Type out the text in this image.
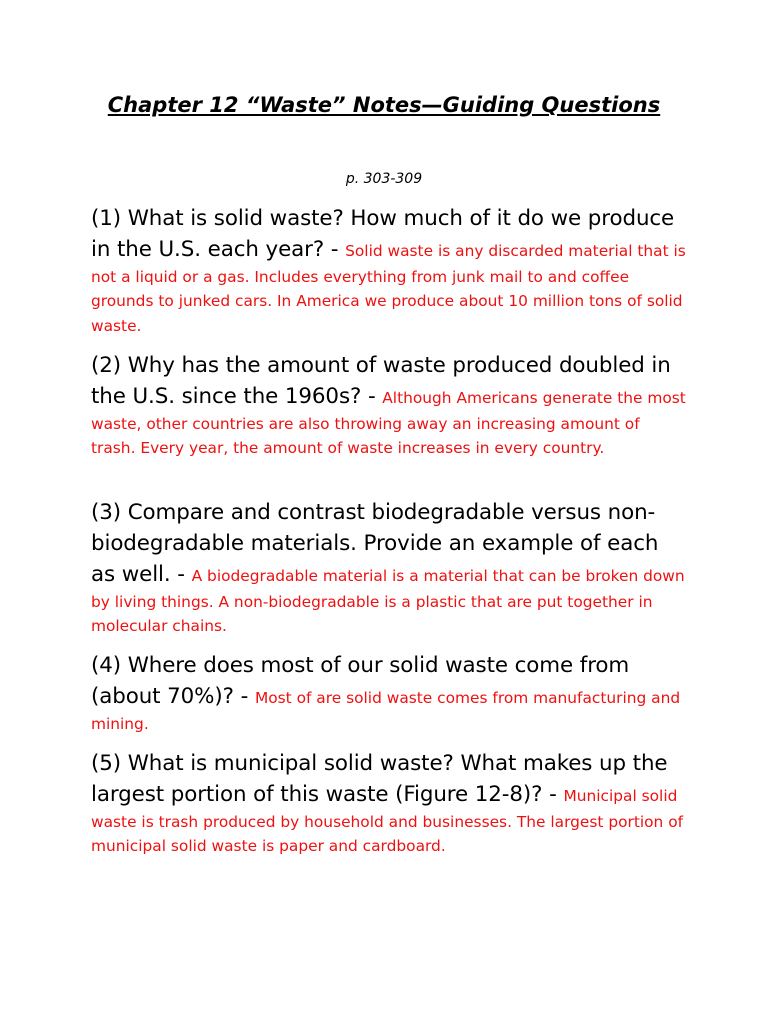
Chapter 12 “Waste” Notes—Guiding Questions
p. 303-309

(1) What is solid waste? How much of it do we produce in the U.S. each year? - Solid waste is any discarded material that is not a liquid or a gas. Includes everything from junk mail to and coffee grounds to junked cars. In America we produce about 10 million tons of solid waste.

(2) Why has the amount of waste produced doubled in the U.S. since the 1960s? - Although Americans generate the most waste, other countries are also throwing away an increasing amount of trash. Every year, the amount of waste increases in every country.

(3) Compare and contrast biodegradable versus non-biodegradable materials. Provide an example of each as well. - A biodegradable material is a material that can be broken down by living things. A non-biodegradable is a plastic that are put together in molecular chains.

(4) Where does most of our solid waste come from (about 70%)? - Most of are solid waste comes from manufacturing and mining.

(5) What is municipal solid waste? What makes up the largest portion of this waste (Figure 12-8)? - Municipal solid waste is trash produced by household and businesses. The largest portion of municipal solid waste is paper and cardboard.
